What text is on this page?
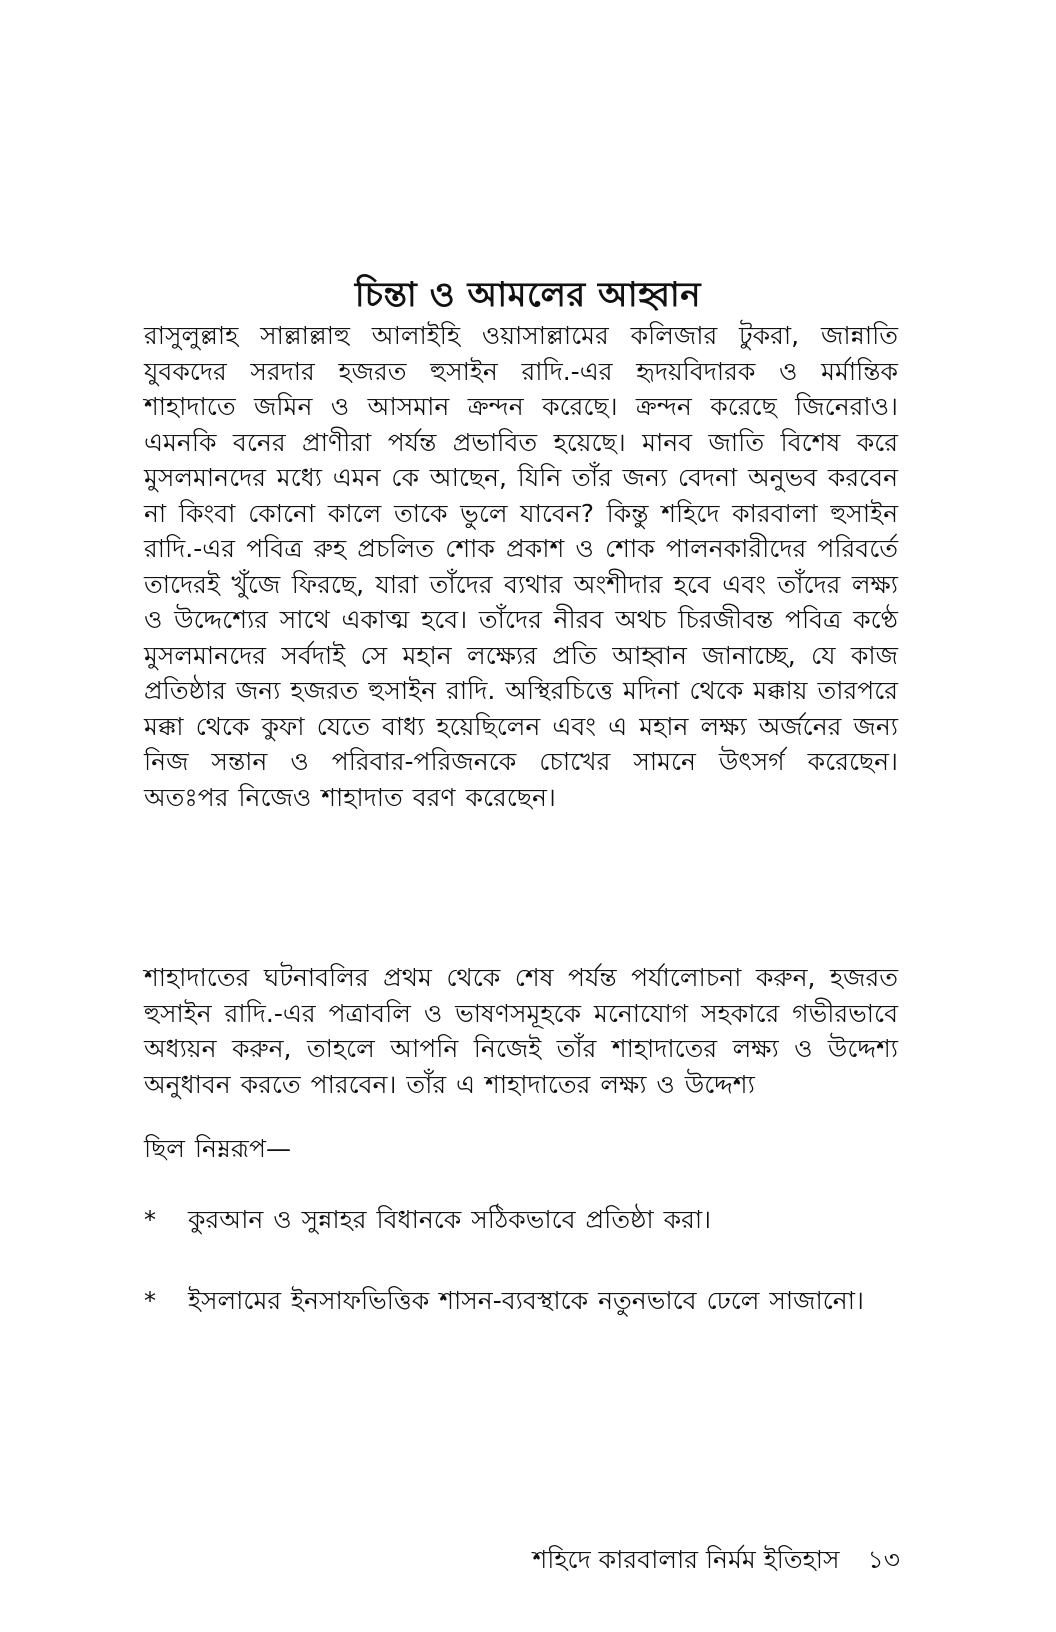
চিন্তা ও আমলের আহ্বান

রাসুলুল্লাহ সাল্লাল্লাহু আলাইহি ওয়াসাল্লামের কলিজার টুকরা, জান্নাতি যুবকদের সরদার হজরত হুসাইন রাদি.-এর হৃদয়বিদারক ও মর্মান্তিক শাহাদাতে জমিন ও আসমান ক্রন্দন করেছে। ক্রন্দন করেছে জিনেরাও। এমনকি বনের প্রাণীরা পর্যন্ত প্রভাবিত হয়েছে। মানব জাতি বিশেষ করে মুসলমানদের মধ্যে এমন কে আছেন, যিনি তাঁর জন্য বেদনা অনুভব করবেন না কিংবা কোনো কালে তাকে ভুলে যাবেন? কিন্তু শহিদে কারবালা হুসাইন রাদি.-এর পবিত্র রুহ প্রচলিত শোক প্রকাশ ও শোক পালনকারীদের পরিবর্তে তাদেরই খুঁজে ফিরছে, যারা তাঁদের ব্যথার অংশীদার হবে এবং তাঁদের লক্ষ্য ও উদ্দেশ্যের সাথে একাত্ম হবে। তাঁদের নীরব অথচ চিরজীবন্ত পবিত্র কণ্ঠে মুসলমানদের সর্বদাই সে মহান লক্ষ্যের প্রতি আহ্বান জানাচ্ছে, যে কাজ প্রতিষ্ঠার জন্য হজরত হুসাইন রাদি. অস্থিরচিত্তে মদিনা থেকে মক্কায় তারপরে মক্কা থেকে কুফা যেতে বাধ্য হয়েছিলেন এবং এ মহান লক্ষ্য অর্জনের জন্য নিজ সন্তান ও পরিবার-পরিজনকে চোখের সামনে উৎসর্গ করেছেন। অতঃপর নিজেও শাহাদাত বরণ করেছেন।

শাহাদাতের ঘটনাবলির প্রথম থেকে শেষ পর্যন্ত পর্যালোচনা করুন, হজরত হুসাইন রাদি.-এর পত্রাবলি ও ভাষণসমূহকে মনোযোগ সহকারে গভীরভাবে অধ্যয়ন করুন, তাহলে আপনি নিজেই তাঁর শাহাদাতের লক্ষ্য ও উদ্দেশ্য অনুধাবন করতে পারবেন। তাঁর এ শাহাদাতের লক্ষ্য ও উদ্দেশ্য

ছিল নিম্নরূপ—

*	কুরআন ও সুন্নাহর বিধানকে সঠিকভাবে প্রতিষ্ঠা করা।
*	ইসলামের ইনসাফভিত্তিক শাসন-ব্যবস্থাকে নতুনভাবে ঢেলে সাজানো।
শহিদে কারবালার নির্মম ইতিহাস ১৩
